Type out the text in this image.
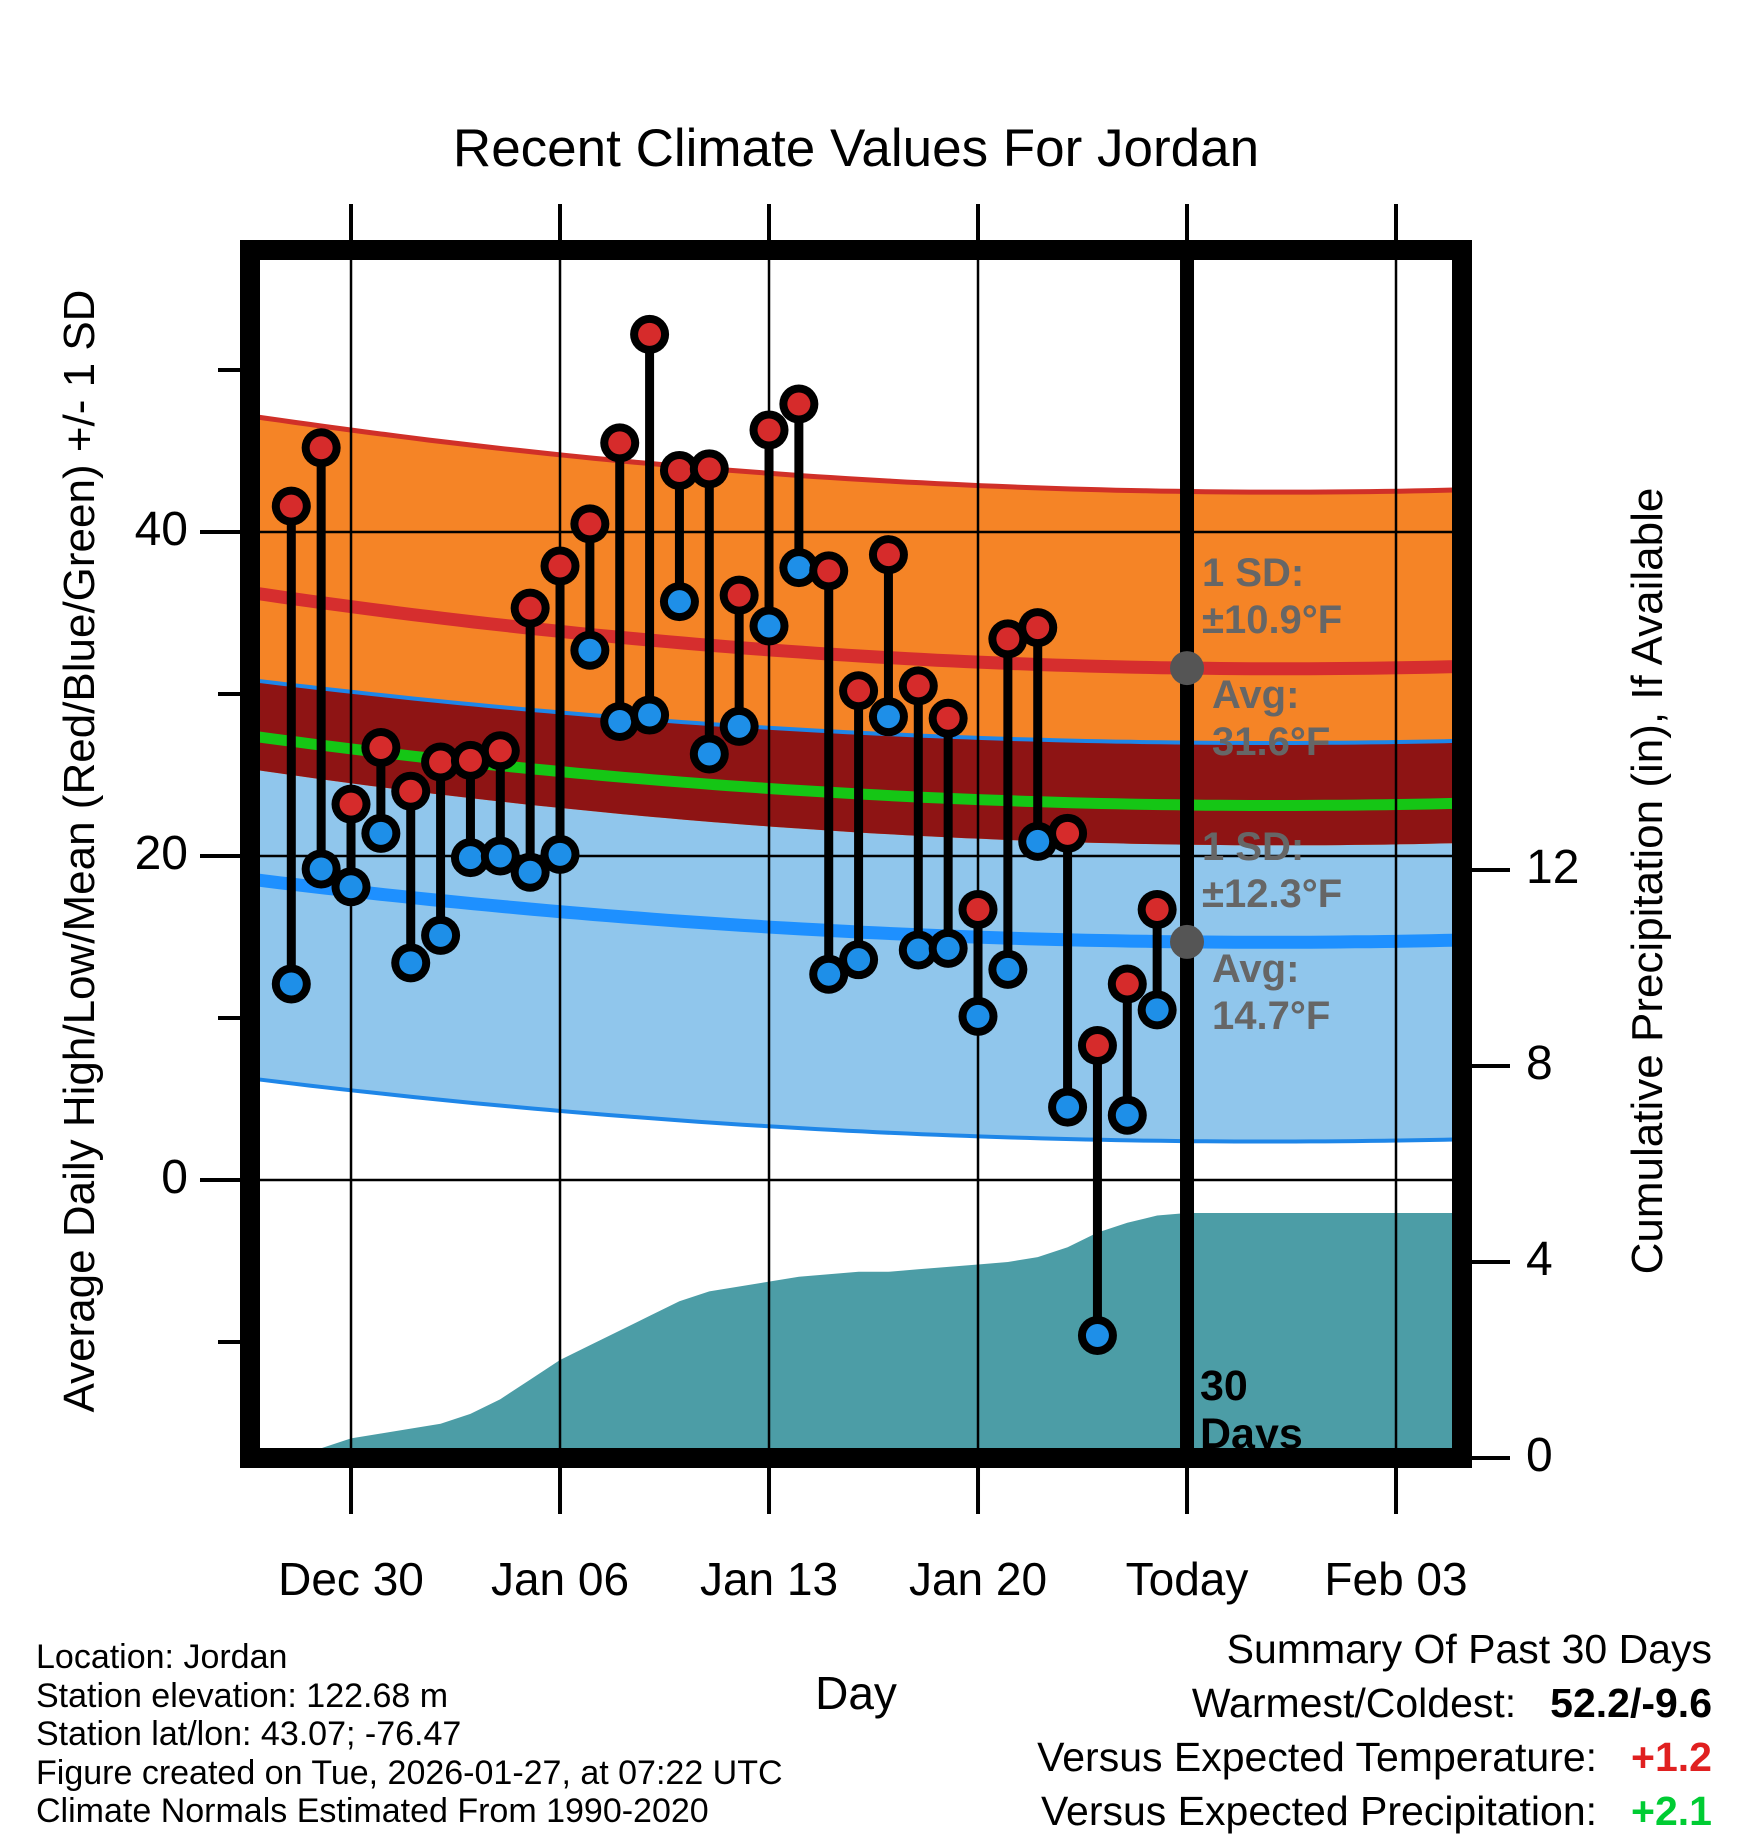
Recent Climate Values For Jordan
Average Daily High/Low/Mean (Red/Blue/Green) +/- 1 SD	Cumulative Precipitation (in), If Available
Day
1 SD:
±10.9°F
Avg:
31.6°F
1 SD:
±12.3°F
Avg:
14.7°F
30
Days
Location: Jordan
Station elevation: 122.68 m
Station lat/lon: 43.07; -76.47
Figure created on Tue, 2026-01-27, at 07:22 UTC
Climate Normals Estimated From 1990-2020
Summary Of Past 30 Days
Warmest/Coldest: 52.2/-9.6
Versus Expected Temperature: +1.2
Versus Expected Precipitation: +2.1
40
20
0
12
8
4
0
Dec 30	Jan 06	Jan 13	Jan 20	Today	Feb 03
